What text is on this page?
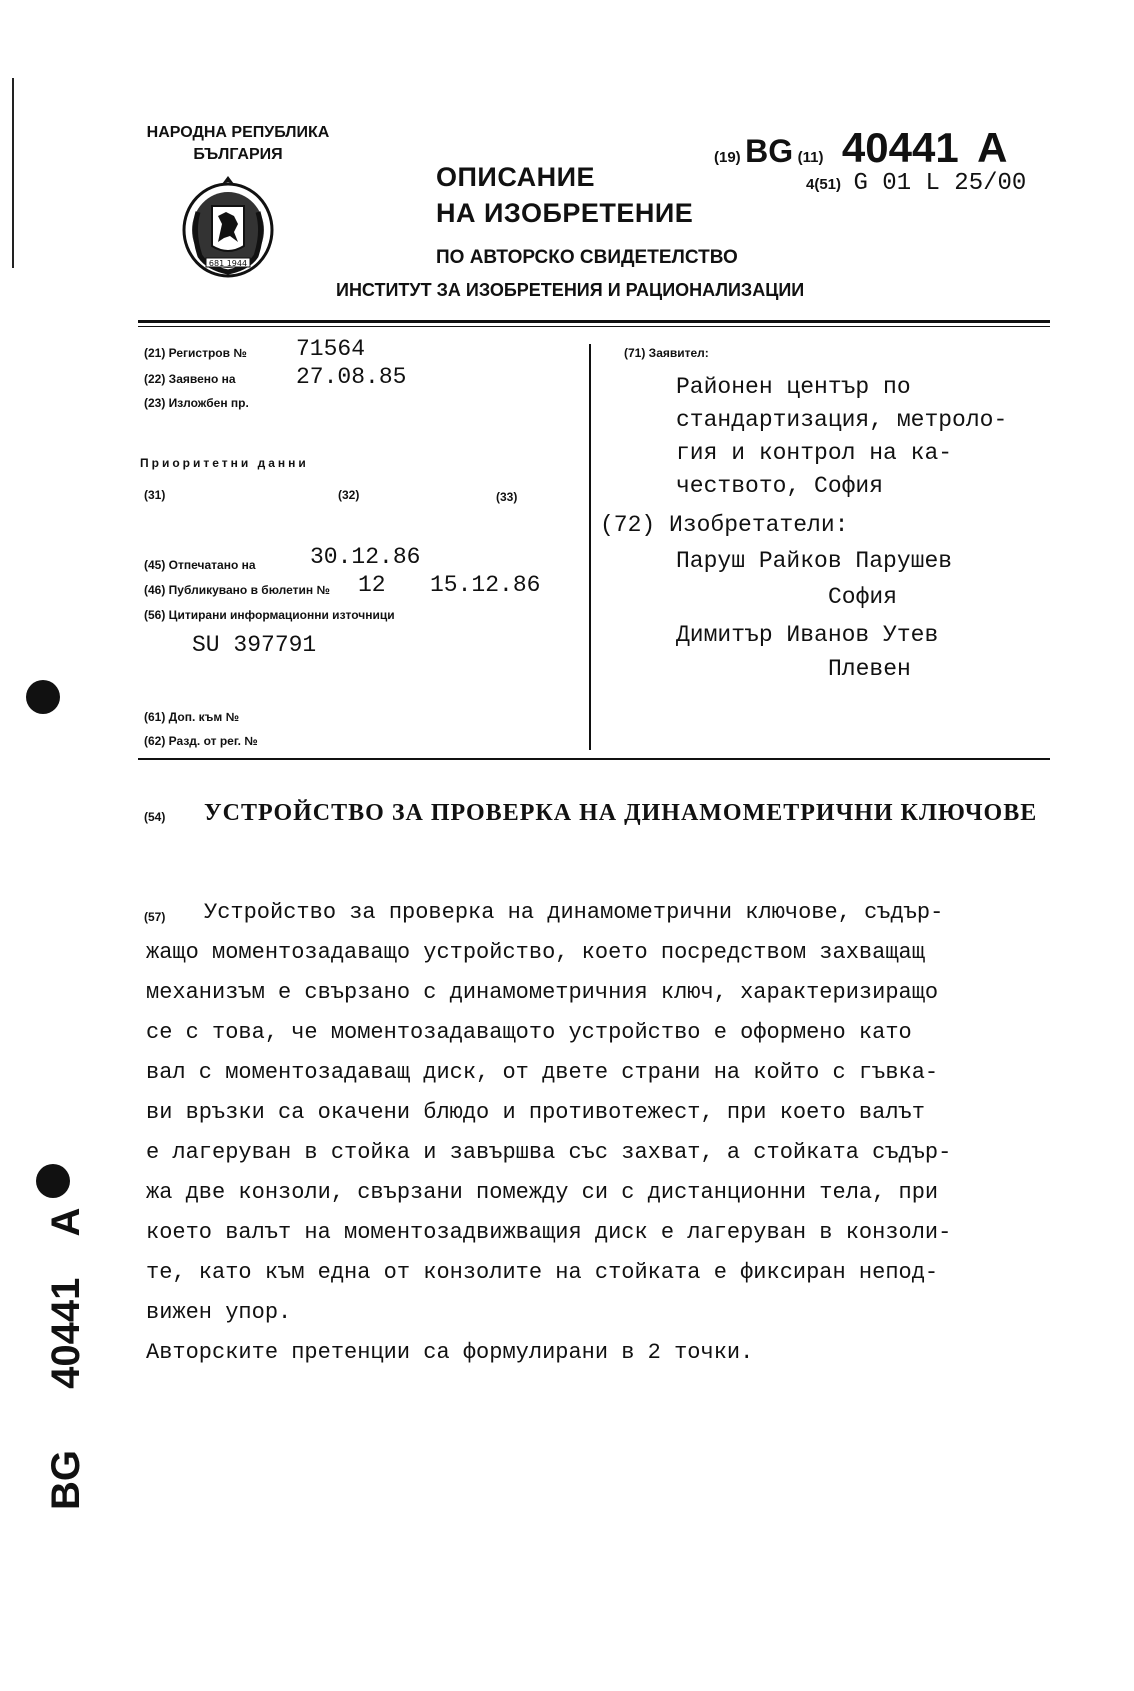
НАРОДНА РЕПУБЛИКА
БЪЛГАРИЯ
681 1944
ОПИСАНИЕ
НА ИЗОБРЕТЕНИЕ
ПО АВТОРСКО СВИДЕТЕЛСТВО
ИНСТИТУТ ЗА ИЗОБРЕТЕНИЯ И РАЦИОНАЛИЗАЦИИ
(19) BG (11) 40441 A
4(51) G 01 L 25/00
(21) Регистров № 71564
(22) Заявено на	27.08.85
(23) Изложбен пр.
Приоритетни данни
(31)	(32)	(33)
(45) Отпечатано на 30.12.86
(46) Публикувано в бюлетин № 12 15.12.86
(56) Цитирани информационни източници
SU 397791
(61) Доп. към №
(62) Разд. от рег. №
(71) Заявител:
Районен център по
стандартизация, метроло-
гия и контрол на ка-
чеството, София
(72) Изобретатели:
Паруш Райков Парушев
София
Димитър Иванов Утев
Плевен
(54) УСТРОЙСТВО ЗА ПРОВЕРКА НА ДИНАМОМЕТРИЧНИ КЛЮЧОВЕ
(57) Устройство за проверка на динамометрични ключове, съдър-
жащо моментозадаващо устройство, което посредством захващащ
механизъм е свързано с динамометричния ключ, характеризиращо
се с това, че моментозадаващото устройство е оформено като
вал с моментозадаващ диск, от двете страни на който с гъвка-
ви връзки са окачени блюдо и противотежест, при което валът
е лагеруван в стойка и завършва със захват, а стойката съдър-
жа две конзоли, свързани помежду си с дистанционни тела, при
което валът на моментозадвижващия диск е лагеруван в конзоли-
те, като към една от конзолите на стойката е фиксиран непод-
вижен упор.
Авторските претенции са формулирани в 2 точки.
BG 40441 A
